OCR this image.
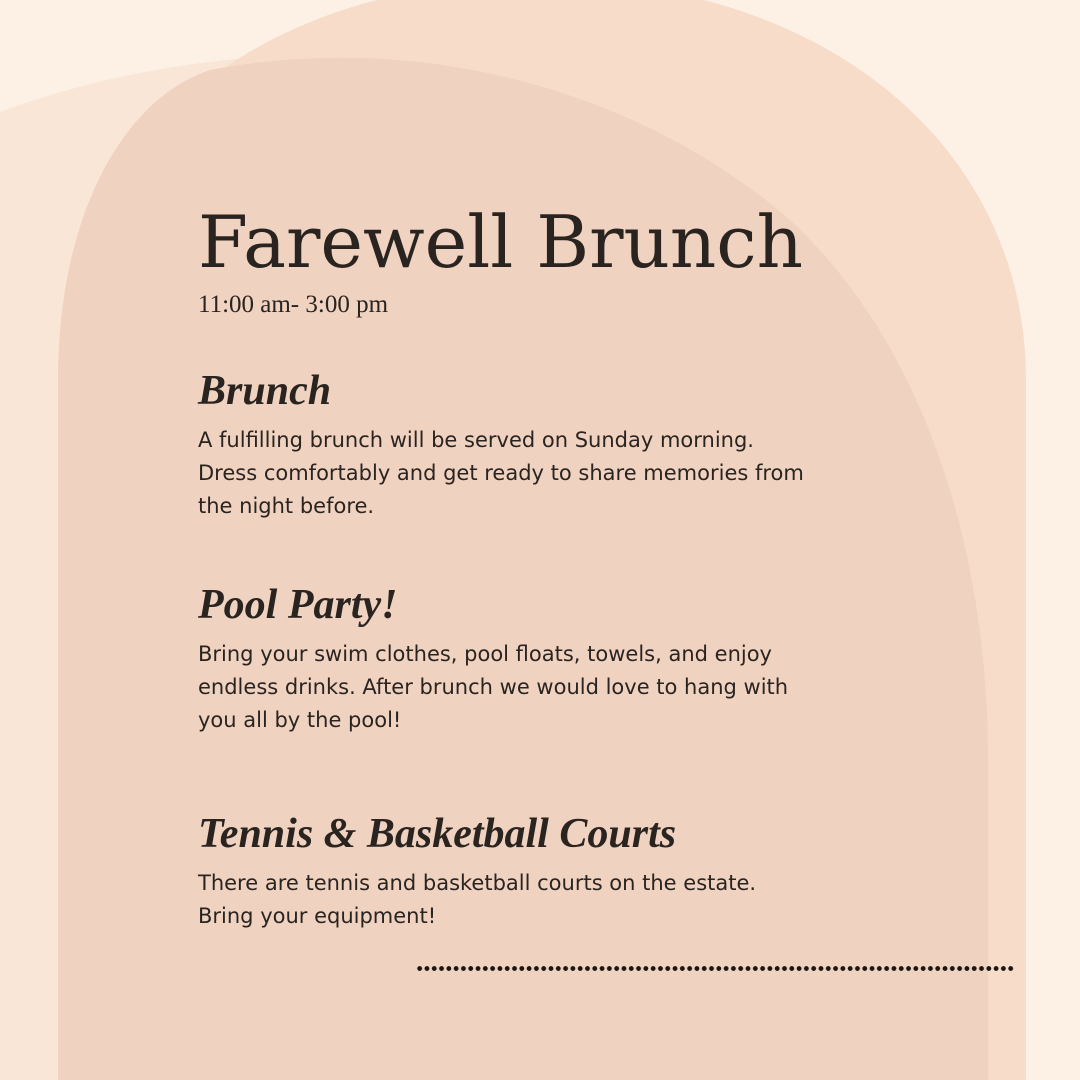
Farewell Brunch
11:00 am- 3:00 pm
Brunch

A fulfilling brunch will be served on Sunday morning. Dress comfortably and get ready to share memories from the night before.

Pool Party!

Bring your swim clothes, pool floats, towels, and enjoy endless drinks. After brunch we would love to hang with you all by the pool!

Tennis & Basketball Courts

There are tennis and basketball courts on the estate. Bring your equipment!
